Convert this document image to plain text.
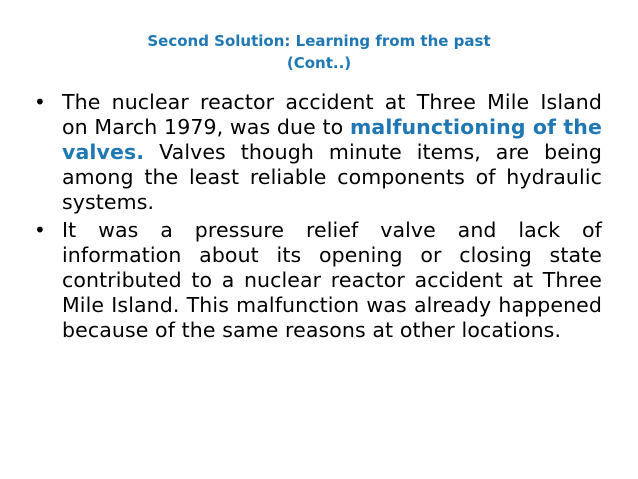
Second Solution: Learning from the past
(Cont..)
• The nuclear reactor accident at Three Mile Island on March 1979, was due to malfunctioning of the valves. Valves though minute items, are being among the least reliable components of hydraulic systems.
• It was a pressure relief valve and lack of information about its opening or closing state contributed to a nuclear reactor accident at Three Mile Island. This malfunction was already happened because of the same reasons at other locations.
